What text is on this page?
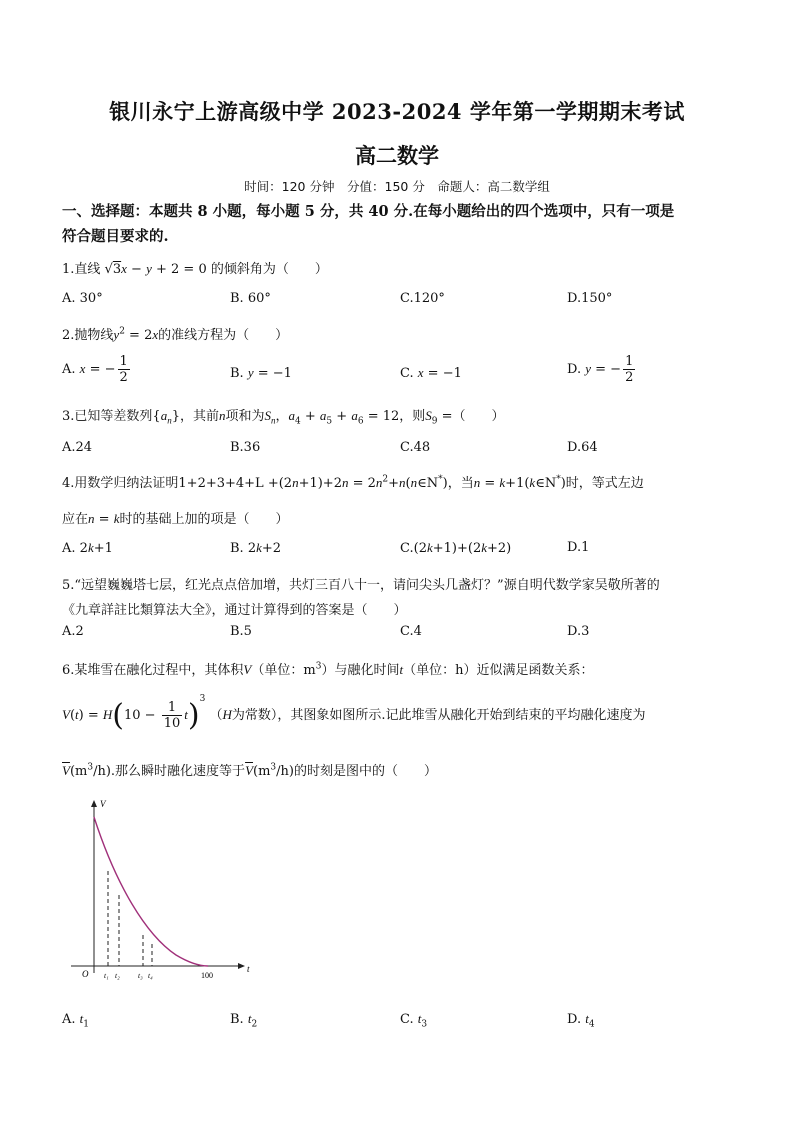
银川永宁上游高级中学 2023-2024 学年第一学期期末考试
高二数学
时间：120 分钟　分值：150 分　命题人：高二数学组
一、选择题：本题共 8 小题，每小题 5 分，共 40 分.在每小题给出的四个选项中，只有一项是
符合题目要求的.
1.直线 √3x − y + 2 = 0 的倾斜角为（　　）
A. 30°	B. 60°	C.120°	D.150°
2.抛物线$y^2 = 2x$的准线方程为（　　）
A. x = − $\frac{1}{2}$	B. y = −1	C. x = −1	D. y = − $\frac{1}{2}$
3.已知等差数列$\{a_n\}$，其前n项和为$S_n$，$a_4 + a_5 + a_6 = 12$，则$S_9$ =（　　）
A.24	B.36	C.48	D.64
4.用数学归纳法证明$1+2+3+4+L +(2n+1)+2n = 2n^2+n(n\in N^*)$，当n = k+1(k∈N*)时，等式左边
应在n = k时的基础上加的项是（　　）
A. 2k+1	B. 2k+2	C.(2k+1)+(2k+2)	D.1
5.“远望巍巍塔七层，红光点点倍加增，共灯三百八十一，请问尖头几盏灯？”源自明代数学家吴敬所著的
《九章詳註比類算法大全》，通过计算得到的答案是（　　）
A.2	B.5	C.4	D.3
6.某堆雪在融化过程中，其体积V（单位：$m^3$）与融化时间t（单位：h）近似满足函数关系：
$V(t) = H(10 - \frac{1}{10} t)^3$ （H为常数），其图象如图所示.记此堆雪从融化开始到结束的平均融化速度为
$\overline{V}(m^3/h)$.那么瞬时融化速度等于$\overline{V}(m^3/h)$的时刻是图中的（　　）
V
t
O	100
t₁ t₂ t₃ t₄
A. $t_1$	B. $t_2$	C. $t_3$	D. $t_4$
